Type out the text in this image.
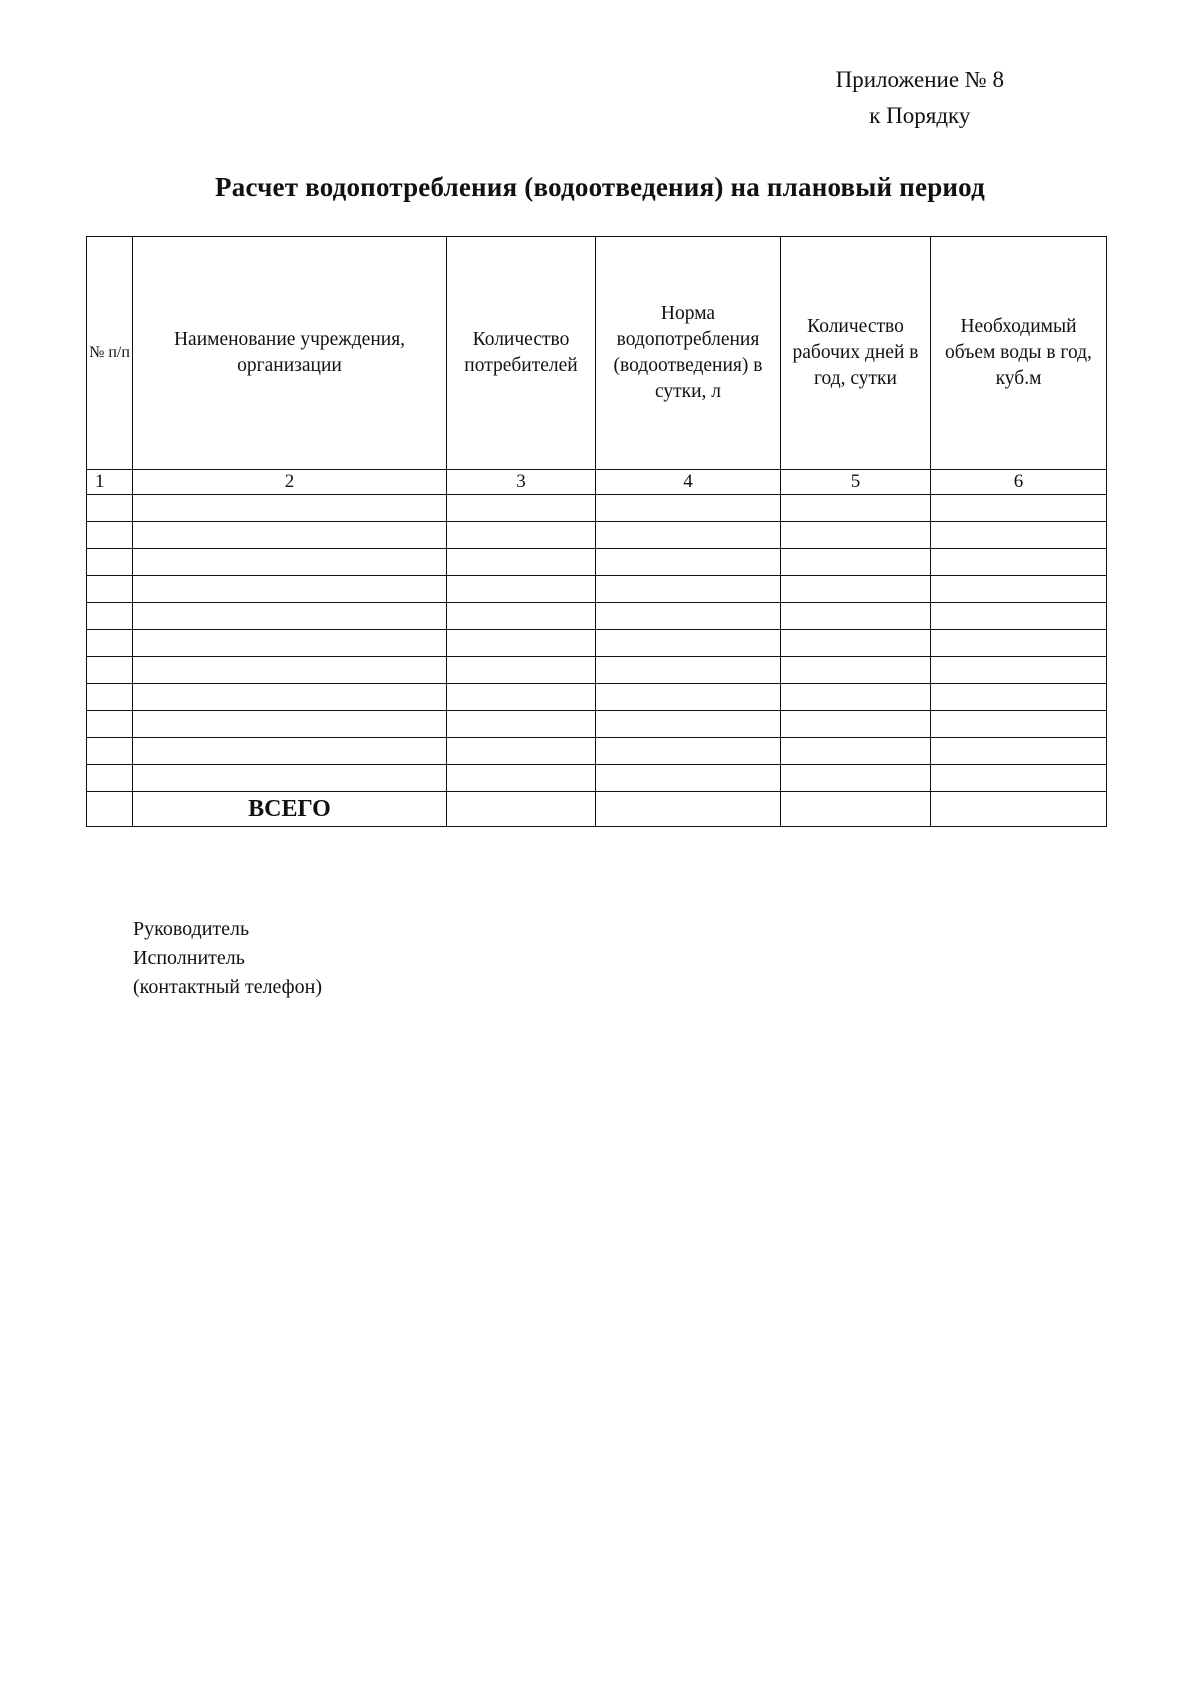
Приложение № 8
к Порядку
Расчет водопотребления (водоотведения) на плановый период
№ п/п	Наименование учреждения, организации	Количество потребителей	Норма водопотребления (водоотведения) в сутки, л	Количество рабочих дней в год, сутки	Необходимый объем воды в год, куб.м

1	2	3	4	5	6

	ВСЕГО				
Руководитель
Исполнитель
(контактный телефон)
